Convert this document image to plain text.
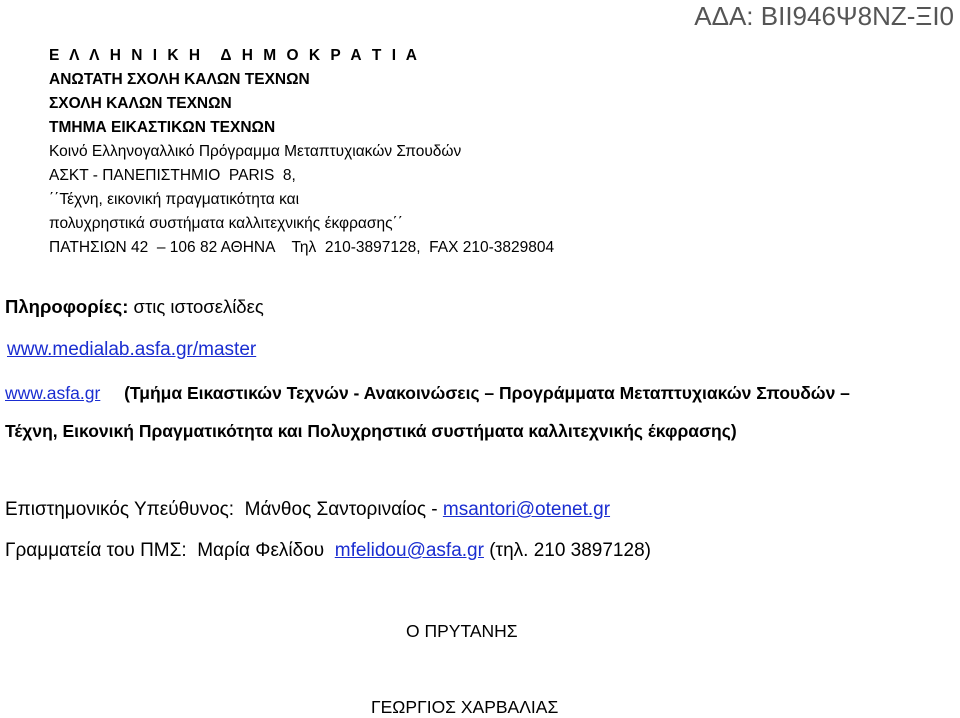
ΑΔΑ: ΒΙΙ946Ψ8ΝΖ-ΞΙ0
Ε Λ Λ Η Ν Ι Κ Η Δ Η Μ Ο Κ Ρ Α Τ Ι Α
ΑΝΩΤΑΤΗ ΣΧΟΛΗ ΚΑΛΩΝ ΤΕΧΝΩΝ
ΣΧΟΛΗ ΚΑΛΩΝ ΤΕΧΝΩΝ
ΤΜΗΜΑ ΕΙΚΑΣΤΙΚΩΝ ΤΕΧΝΩΝ
Κοινό Ελληνογαλλικό Πρόγραμμα Μεταπτυχιακών Σπουδών
ΑΣΚΤ - ΠΑΝΕΠΙΣΤΗΜΙΟ  PARIS  8,
΄΄Τέχνη, εικονική πραγματικότητα και
πολυχρηστικά συστήματα καλλιτεχνικής έκφρασης΄΄
ΠΑΤΗΣΙΩΝ 42  – 106 82 ΑΘΗΝΑ    Τηλ  210-3897128,  FAX 210-3829804
Πληροφορίες: στις ιστοσελίδες
www.medialab.asfa.gr/master
www.asfa.gr (Τμήμα Εικαστικών Τεχνών - Ανακοινώσεις – Προγράμματα Μεταπτυχιακών Σπουδών –
Τέχνη, Εικονική Πραγματικότητα και Πολυχρηστικά συστήματα καλλιτεχνικής έκφρασης)
Επιστημονικός Υπεύθυνος:  Μάνθος Σαντοριναίος - msantori@otenet.gr
Γραμματεία του ΠΜΣ:  Μαρία Φελίδου  mfelidou@asfa.gr (τηλ. 210 3897128)
Ο ΠΡΥΤΑΝΗΣ
ΓΕΩΡΓΙΟΣ ΧΑΡΒΑΛΙΑΣ
